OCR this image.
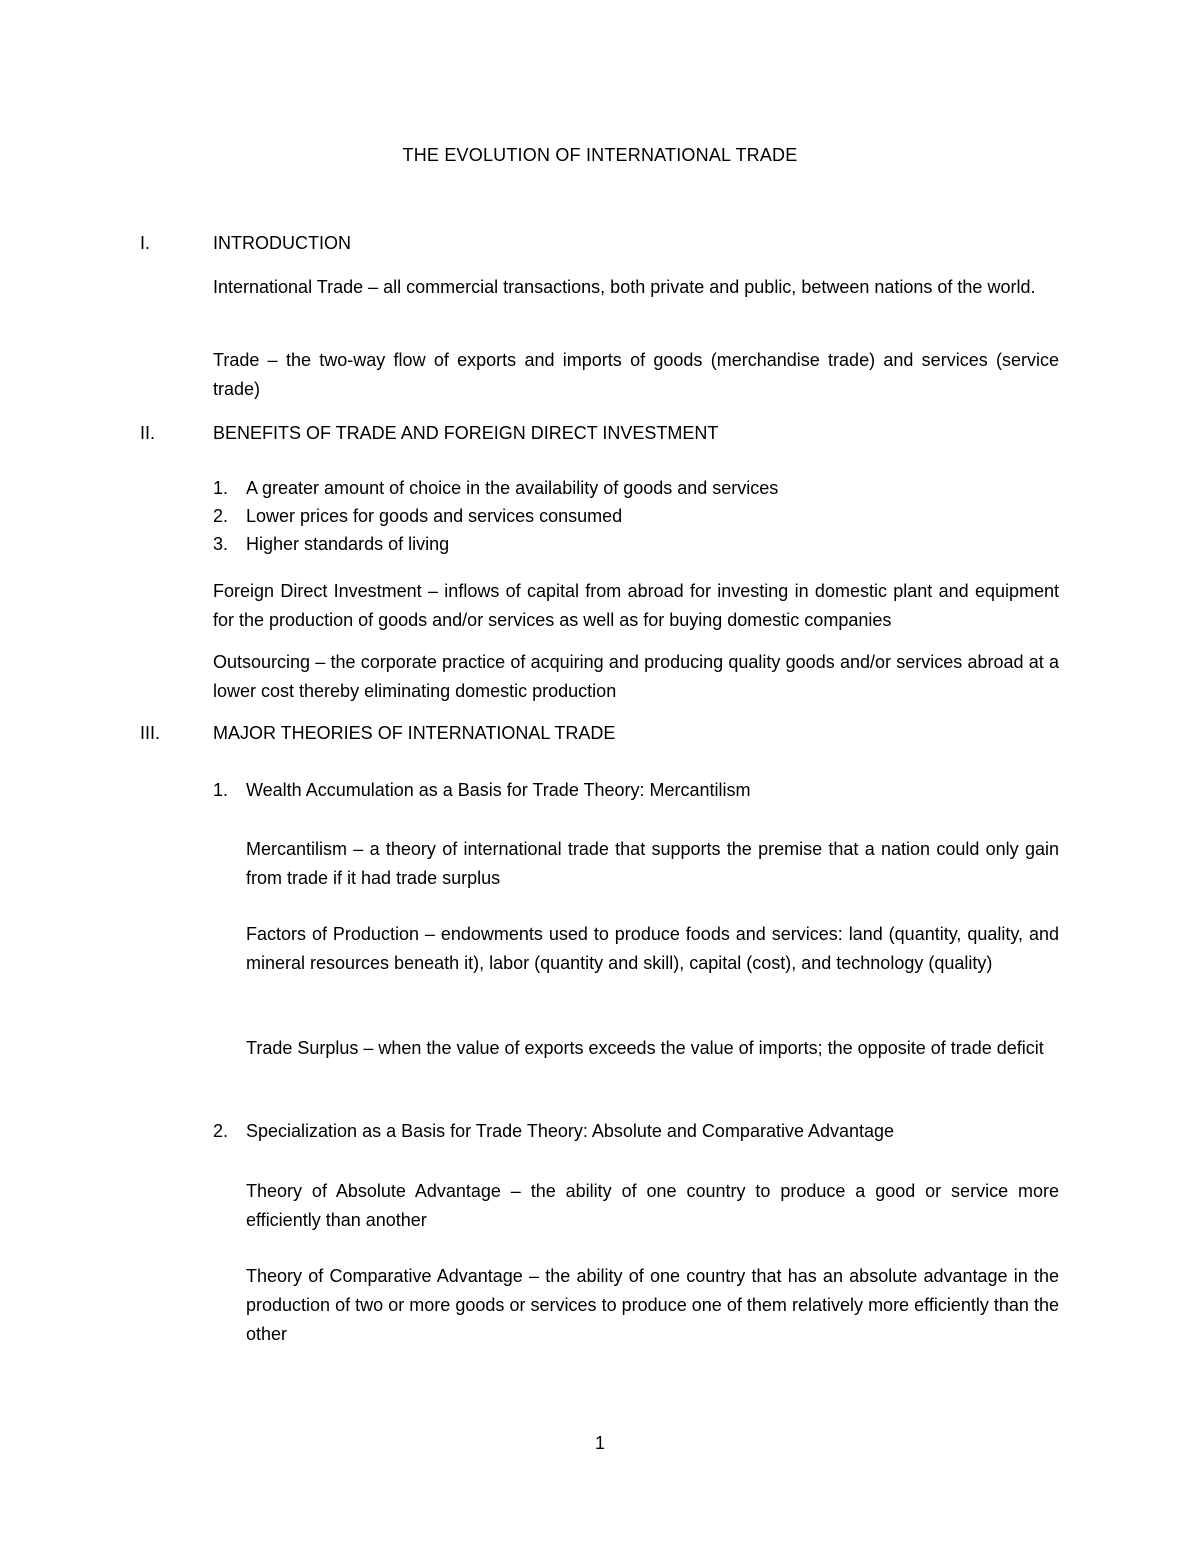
THE EVOLUTION OF INTERNATIONAL TRADE
I.	INTRODUCTION

International Trade – all commercial transactions, both private and public, between nations of the world.

Trade – the two-way flow of exports and imports of goods (merchandise trade) and services (service trade)

II.	BENEFITS OF TRADE AND FOREIGN DIRECT INVESTMENT
1. A greater amount of choice in the availability of goods and services
2. Lower prices for goods and services consumed
3. Higher standards of living

Foreign Direct Investment – inflows of capital from abroad for investing in domestic plant and equipment for the production of goods and/or services as well as for buying domestic companies

Outsourcing – the corporate practice of acquiring and producing quality goods and/or services abroad at a lower cost thereby eliminating domestic production

III.	MAJOR THEORIES OF INTERNATIONAL TRADE
1. Wealth Accumulation as a Basis for Trade Theory: Mercantilism

Mercantilism – a theory of international trade that supports the premise that a nation could only gain from trade if it had trade surplus

Factors of Production – endowments used to produce foods and services: land (quantity, quality, and mineral resources beneath it), labor (quantity and skill), capital (cost), and technology (quality)

Trade Surplus – when the value of exports exceeds the value of imports; the opposite of trade deficit

2. Specialization as a Basis for Trade Theory: Absolute and Comparative Advantage

Theory of Absolute Advantage – the ability of one country to produce a good or service more efficiently than another

Theory of Comparative Advantage – the ability of one country that has an absolute advantage in the production of two or more goods or services to produce one of them relatively more efficiently than the other

1
